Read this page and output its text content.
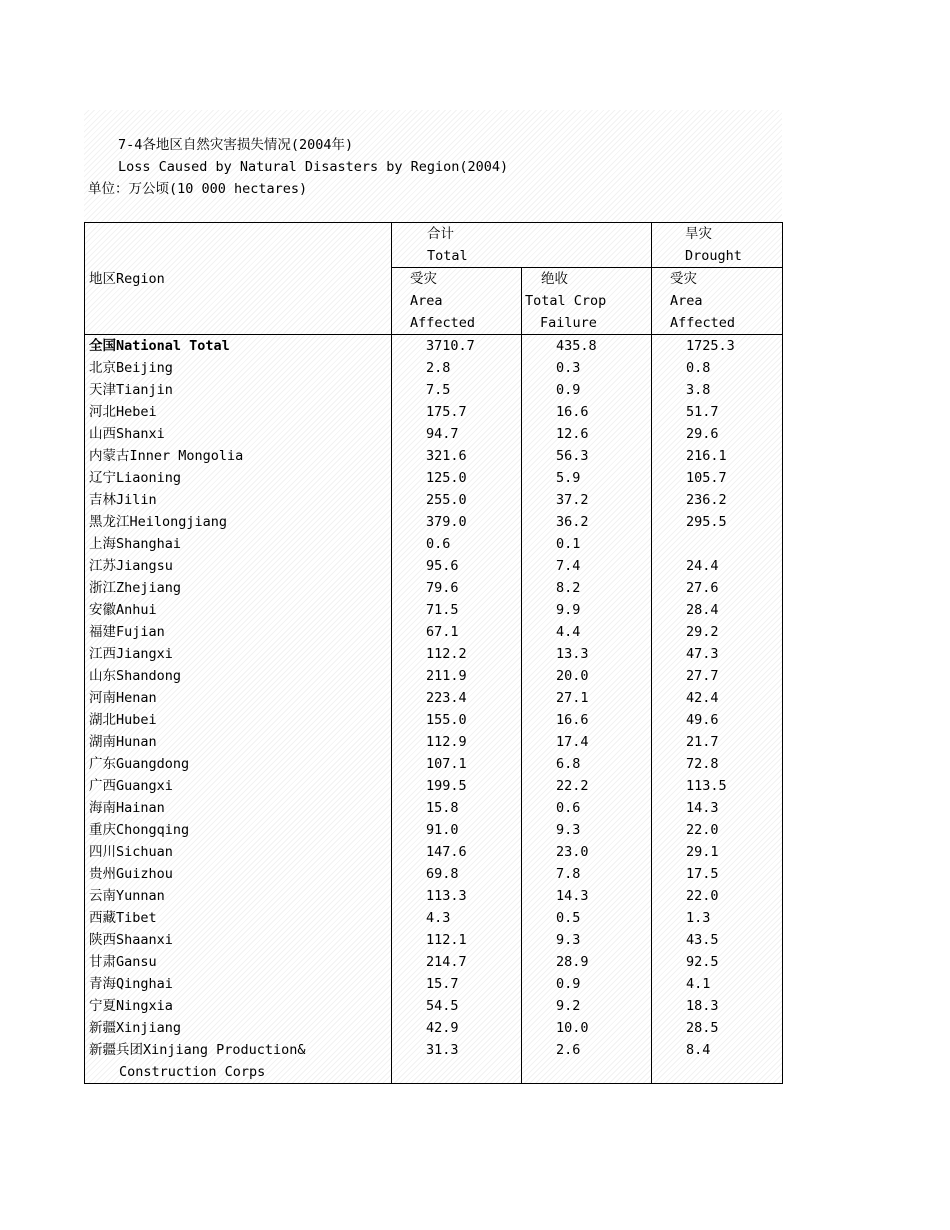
7-4各地区自然灾害损失情况(2004年)
Loss Caused by Natural Disasters by Region(2004)
单位：万公顷(10 000 hectares)
地区Region	合计		旱灾
	Total		Drought
	受灾	绝收	受灾
	Area	Total Crop	Area
	Affected	Failure	Affected
全国National Total	3710.7	435.8	1725.3
北京Beijing	2.8	0.3	0.8
天津Tianjin	7.5	0.9	3.8
河北Hebei	175.7	16.6	51.7
山西Shanxi	94.7	12.6	29.6
内蒙古Inner Mongolia	321.6	56.3	216.1
辽宁Liaoning	125.0	5.9	105.7
吉林Jilin	255.0	37.2	236.2
黑龙江Heilongjiang	379.0	36.2	295.5
上海Shanghai	0.6	0.1	
江苏Jiangsu	95.6	7.4	24.4
浙江Zhejiang	79.6	8.2	27.6
安徽Anhui	71.5	9.9	28.4
福建Fujian	67.1	4.4	29.2
江西Jiangxi	112.2	13.3	47.3
山东Shandong	211.9	20.0	27.7
河南Henan	223.4	27.1	42.4
湖北Hubei	155.0	16.6	49.6
湖南Hunan	112.9	17.4	21.7
广东Guangdong	107.1	6.8	72.8
广西Guangxi	199.5	22.2	113.5
海南Hainan	15.8	0.6	14.3
重庆Chongqing	91.0	9.3	22.0
四川Sichuan	147.6	23.0	29.1
贵州Guizhou	69.8	7.8	17.5
云南Yunnan	113.3	14.3	22.0
西藏Tibet	4.3	0.5	1.3
陕西Shaanxi	112.1	9.3	43.5
甘肃Gansu	214.7	28.9	92.5
青海Qinghai	15.7	0.9	4.1
宁夏Ningxia	54.5	9.2	18.3
新疆Xinjiang	42.9	10.0	28.5
新疆兵团Xinjiang Production&	31.3	2.6	8.4
Construction Corps			
